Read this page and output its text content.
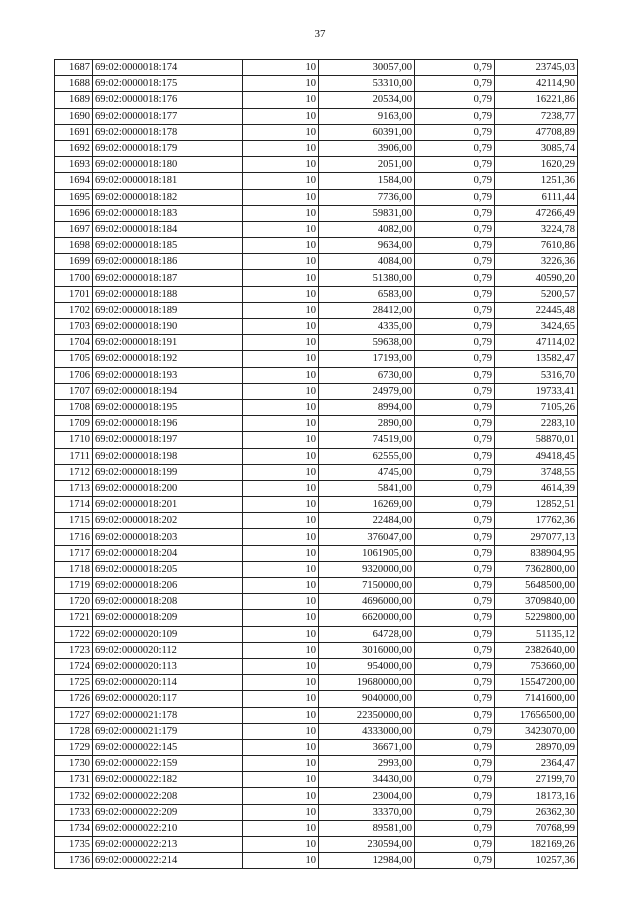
37
1687	69:02:0000018:174	10	30057,00	0,79	23745,03
1688	69:02:0000018:175	10	53310,00	0,79	42114,90
1689	69:02:0000018:176	10	20534,00	0,79	16221,86
1690	69:02:0000018:177	10	9163,00	0,79	7238,77
1691	69:02:0000018:178	10	60391,00	0,79	47708,89
1692	69:02:0000018:179	10	3906,00	0,79	3085,74
1693	69:02:0000018:180	10	2051,00	0,79	1620,29
1694	69:02:0000018:181	10	1584,00	0,79	1251,36
1695	69:02:0000018:182	10	7736,00	0,79	6111,44
1696	69:02:0000018:183	10	59831,00	0,79	47266,49
1697	69:02:0000018:184	10	4082,00	0,79	3224,78
1698	69:02:0000018:185	10	9634,00	0,79	7610,86
1699	69:02:0000018:186	10	4084,00	0,79	3226,36
1700	69:02:0000018:187	10	51380,00	0,79	40590,20
1701	69:02:0000018:188	10	6583,00	0,79	5200,57
1702	69:02:0000018:189	10	28412,00	0,79	22445,48
1703	69:02:0000018:190	10	4335,00	0,79	3424,65
1704	69:02:0000018:191	10	59638,00	0,79	47114,02
1705	69:02:0000018:192	10	17193,00	0,79	13582,47
1706	69:02:0000018:193	10	6730,00	0,79	5316,70
1707	69:02:0000018:194	10	24979,00	0,79	19733,41
1708	69:02:0000018:195	10	8994,00	0,79	7105,26
1709	69:02:0000018:196	10	2890,00	0,79	2283,10
1710	69:02:0000018:197	10	74519,00	0,79	58870,01
1711	69:02:0000018:198	10	62555,00	0,79	49418,45
1712	69:02:0000018:199	10	4745,00	0,79	3748,55
1713	69:02:0000018:200	10	5841,00	0,79	4614,39
1714	69:02:0000018:201	10	16269,00	0,79	12852,51
1715	69:02:0000018:202	10	22484,00	0,79	17762,36
1716	69:02:0000018:203	10	376047,00	0,79	297077,13
1717	69:02:0000018:204	10	1061905,00	0,79	838904,95
1718	69:02:0000018:205	10	9320000,00	0,79	7362800,00
1719	69:02:0000018:206	10	7150000,00	0,79	5648500,00
1720	69:02:0000018:208	10	4696000,00	0,79	3709840,00
1721	69:02:0000018:209	10	6620000,00	0,79	5229800,00
1722	69:02:0000020:109	10	64728,00	0,79	51135,12
1723	69:02:0000020:112	10	3016000,00	0,79	2382640,00
1724	69:02:0000020:113	10	954000,00	0,79	753660,00
1725	69:02:0000020:114	10	19680000,00	0,79	15547200,00
1726	69:02:0000020:117	10	9040000,00	0,79	7141600,00
1727	69:02:0000021:178	10	22350000,00	0,79	17656500,00
1728	69:02:0000021:179	10	4333000,00	0,79	3423070,00
1729	69:02:0000022:145	10	36671,00	0,79	28970,09
1730	69:02:0000022:159	10	2993,00	0,79	2364,47
1731	69:02:0000022:182	10	34430,00	0,79	27199,70
1732	69:02:0000022:208	10	23004,00	0,79	18173,16
1733	69:02:0000022:209	10	33370,00	0,79	26362,30
1734	69:02:0000022:210	10	89581,00	0,79	70768,99
1735	69:02:0000022:213	10	230594,00	0,79	182169,26
1736	69:02:0000022:214	10	12984,00	0,79	10257,36
